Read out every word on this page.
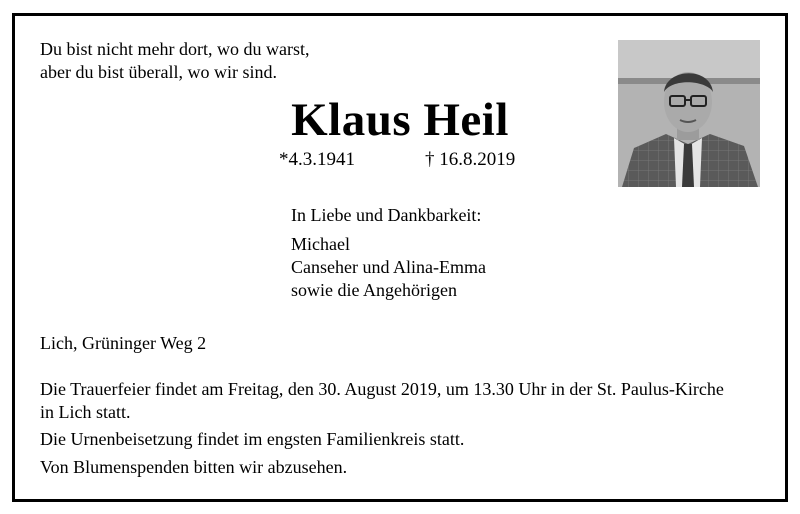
Du bist nicht mehr dort, wo du warst,
aber du bist überall, wo wir sind.
Klaus Heil
*4.3.1941	† 16.8.2019
In Liebe und Dankbarkeit:
Michael
Canseher und Alina-Emma
sowie die Angehörigen
Lich, Grüninger Weg 2
Die Trauerfeier findet am Freitag, den 30. August 2019, um 13.30 Uhr in der St. Paulus-Kirche
in Lich statt.
Die Urnenbeisetzung findet im engsten Familienkreis statt.
Von Blumenspenden bitten wir abzusehen.
